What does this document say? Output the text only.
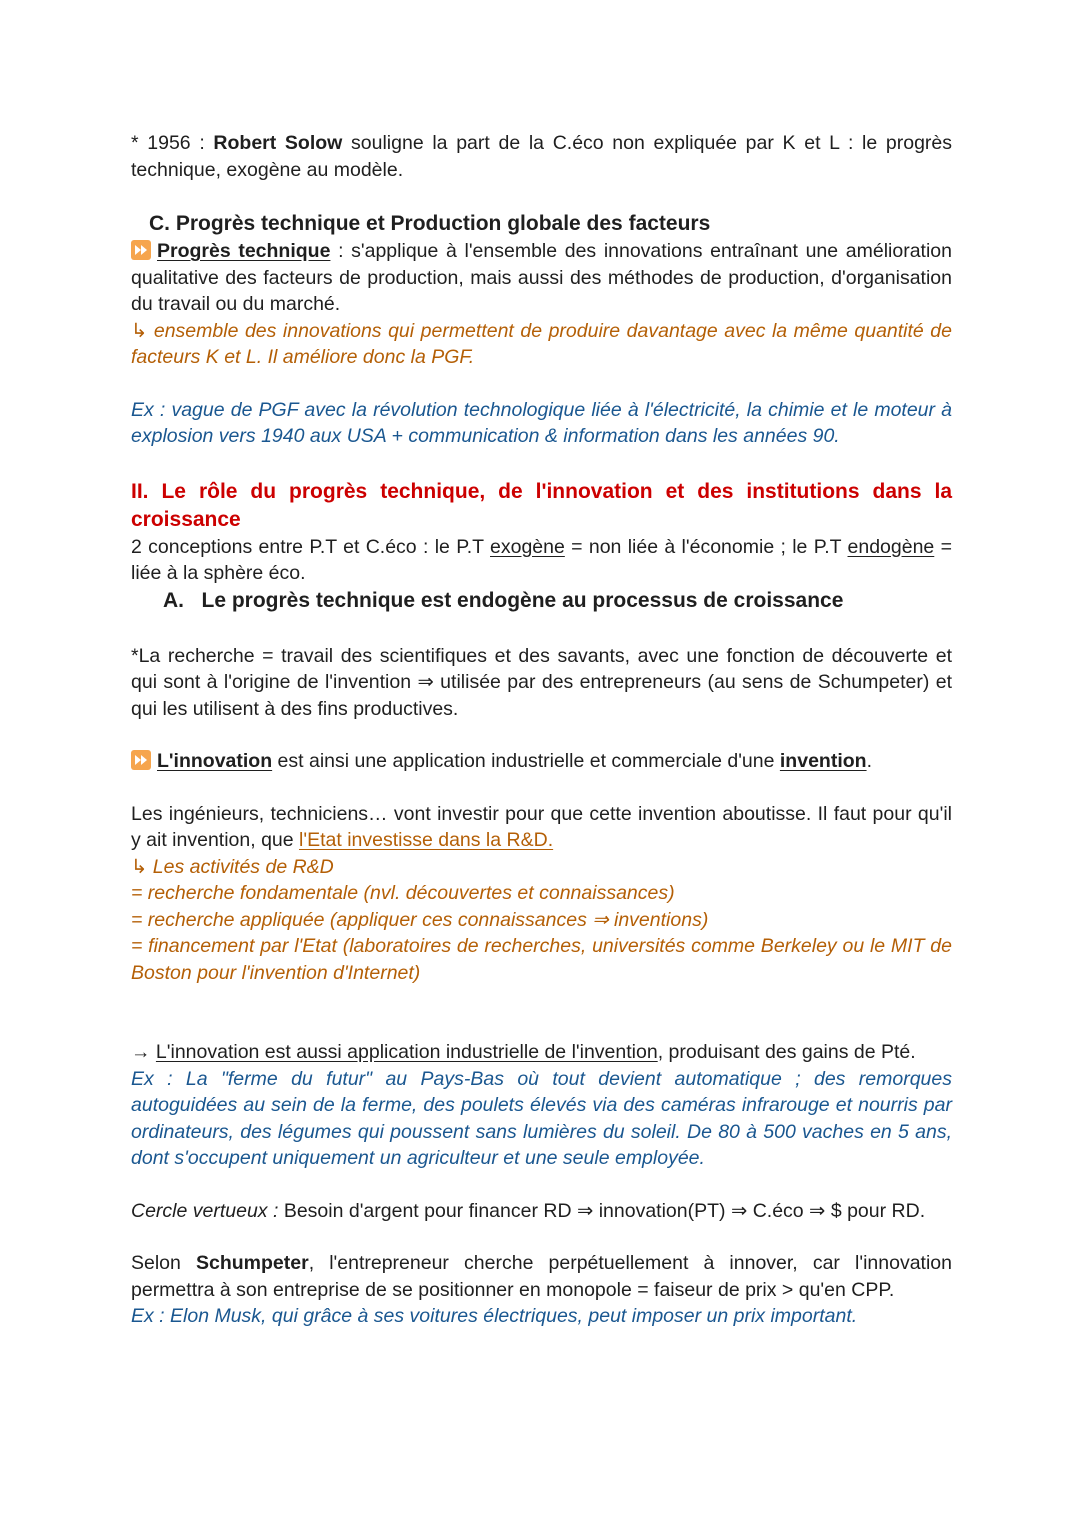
* 1956 : Robert Solow souligne la part de la C.éco non expliquée par K et L : le progrès technique, exogène au modèle.

C. Progrès technique et Production globale des facteurs

Progrès technique : s'applique à l'ensemble des innovations entraînant une amélioration qualitative des facteurs de production, mais aussi des méthodes de production, d'organisation du travail ou du marché.

↳ ensemble des innovations qui permettent de produire davantage avec la même quantité de facteurs K et L. Il améliore donc la PGF.

Ex : vague de PGF avec la révolution technologique liée à l'électricité, la chimie et le moteur à explosion vers 1940 aux USA + communication & information dans les années 90.

II. Le rôle du progrès technique, de l'innovation et des institutions dans la croissance

2 conceptions entre P.T et C.éco : le P.T exogène = non liée à l'économie ; le P.T endogène = liée à la sphère éco.

A.   Le progrès technique est endogène au processus de croissance

*La recherche = travail des scientifiques et des savants, avec une fonction de découverte et qui sont à l'origine de l'invention ⇒ utilisée par des entrepreneurs (au sens de Schumpeter) et qui les utilisent à des fins productives.

L'innovation est ainsi une application industrielle et commerciale d'une invention.

Les ingénieurs, techniciens… vont investir pour que cette invention aboutisse. Il faut pour qu'il y ait invention, que l'Etat investisse dans la R&D.

↳ Les activités de R&D

= recherche fondamentale (nvl. découvertes et connaissances)

= recherche appliquée (appliquer ces connaissances ⇒ inventions)

= financement par l'Etat (laboratoires de recherches, universités comme Berkeley ou le MIT de Boston pour l'invention d'Internet)

→ L'innovation est aussi application industrielle de l'invention, produisant des gains de Pté.

Ex : La "ferme du futur" au Pays-Bas où tout devient automatique ; des remorques autoguidées au sein de la ferme, des poulets élevés via des caméras infrarouge et nourris par ordinateurs, des légumes qui poussent sans lumières du soleil. De 80 à 500 vaches en 5 ans, dont s'occupent uniquement un agriculteur et une seule employée.

Cercle vertueux : Besoin d'argent pour financer RD ⇒ innovation(PT) ⇒ C.éco ⇒ $ pour RD.

Selon Schumpeter, l'entrepreneur cherche perpétuellement à innover, car l'innovation permettra à son entreprise de se positionner en monopole = faiseur de prix > qu'en CPP.

Ex : Elon Musk, qui grâce à ses voitures électriques, peut imposer un prix important.
